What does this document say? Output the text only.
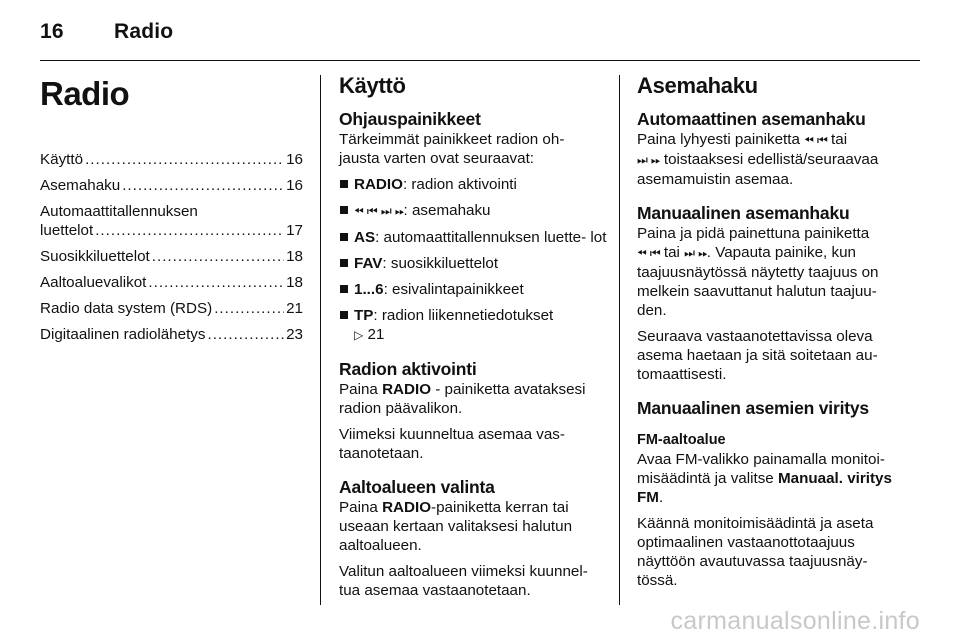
16 Radio
Radio
Käyttö .....	16
Asemahaku .....	16
Automaattitallennuksen
luettelot .....	17
Suosikkiluettelot .....	18
Aaltoaluevalikot .....	18
Radio data system (RDS) .....	21
Digitaalinen radiolähetys .....	23
Käyttö
Ohjauspainikkeet

Tärkeimmät painikkeet radion oh- jausta varten ovat seuraavat:

RADIO: radion aktivointi
⏪︎ ⏮︎ ⏭︎ ⏩︎: asemahaku
AS: automaattitallennuksen luette- lot
FAV: suosikkiluettelot
1...6: esivalintapainikkeet
TP: radion liikennetiedotukset
▷ 21
Radion aktivointi

Paina RADIO - painiketta avataksesi radion päävalikon.

Viimeksi kuunneltua asemaa vas- taanotetaan.

Aaltoalueen valinta

Paina RADIO-painiketta kerran tai useaan kertaan valitaksesi halutun aaltoalueen.

Valitun aaltoalueen viimeksi kuunnel- tua asemaa vastaanotetaan.

Asemahaku
Automaattinen asemanhaku

Paina lyhyesti painiketta ⏪︎ ⏮︎ tai
⏭︎ ⏩︎ toistaaksesi edellistä/seuraavaa asemamuistin asemaa.

Manuaalinen asemanhaku

Paina ja pidä painettuna painiketta
⏪︎ ⏮︎ tai ⏭︎ ⏩︎. Vapauta painike, kun taajuusnäytössä näytetty taajuus on melkein saavuttanut halutun taajuu- den.

Seuraava vastaanotettavissa oleva asema haetaan ja sitä soitetaan au- tomaattisesti.

Manuaalinen asemien viritys
FM-aaltoalue

Avaa FM-valikko painamalla monitoi- misäädintä ja valitse Manuaal. viritys FM.

Käännä monitoimisäädintä ja aseta optimaalinen vastaanottotaajuus näyttöön avautuvassa taajuusnäy- tössä.

carmanualsonline.info
